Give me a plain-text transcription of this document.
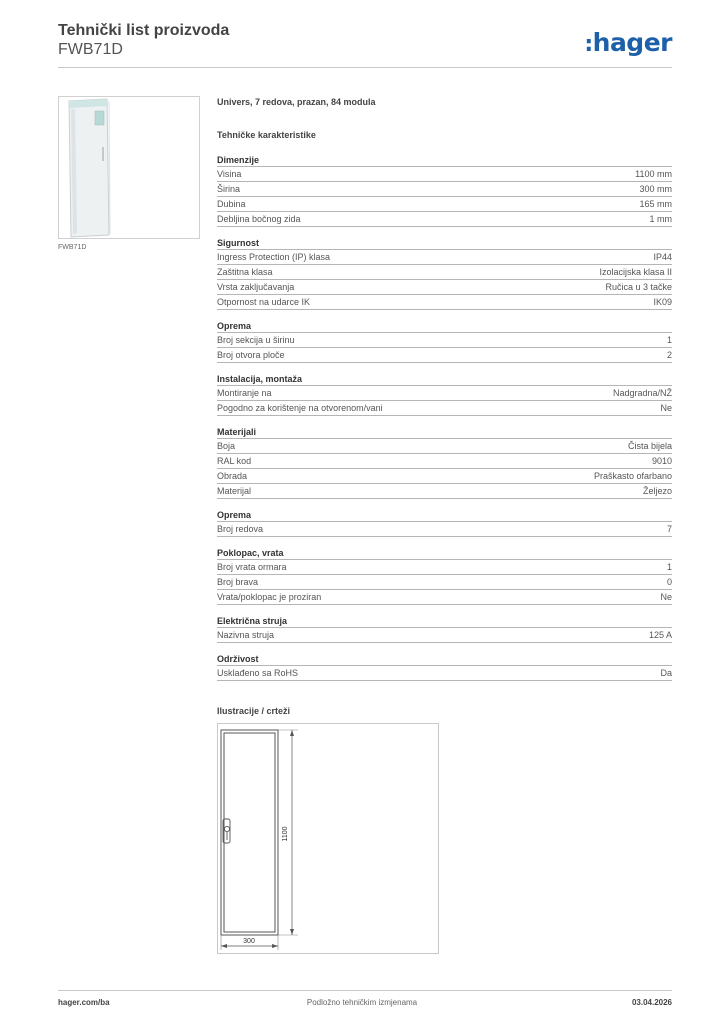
Tehnički list proizvoda
FWB71D	:hager
FWB71D
Univers, 7 redova, prazan, 84 modula
Tehničke karakteristike
Dimenzije
Visina	1100 mm
Širina	300 mm
Dubina	165 mm
Debljina bočnog zida	1 mm
Sigurnost
Ingress Protection (IP) klasa	IP44
Zaštitna klasa	Izolacijska klasa II
Vrsta zaključavanja	Ručica u 3 tačke
Otpornost na udarce IK	IK09
Oprema
Broj sekcija u širinu	1
Broj otvora ploče	2
Instalacija, montaža
Montiranje na	Nadgradna/NŽ
Pogodno za korištenje na otvorenom/vani	Ne
Materijali
Boja	Čista bijela
RAL kod	9010
Obrada	Praškasto ofarbano
Materijal	Željezo
Oprema
Broj redova	7
Poklopac, vrata
Broj vrata ormara	1
Broj brava	0
Vrata/poklopac je proziran	Ne
Električna struja
Nazivna struja	125 A
Održivost
Usklađeno sa RoHS	Da
Ilustracije / crteži
1100
300
hager.com/ba	Podložno tehničkim izmjenama	03.04.2026
